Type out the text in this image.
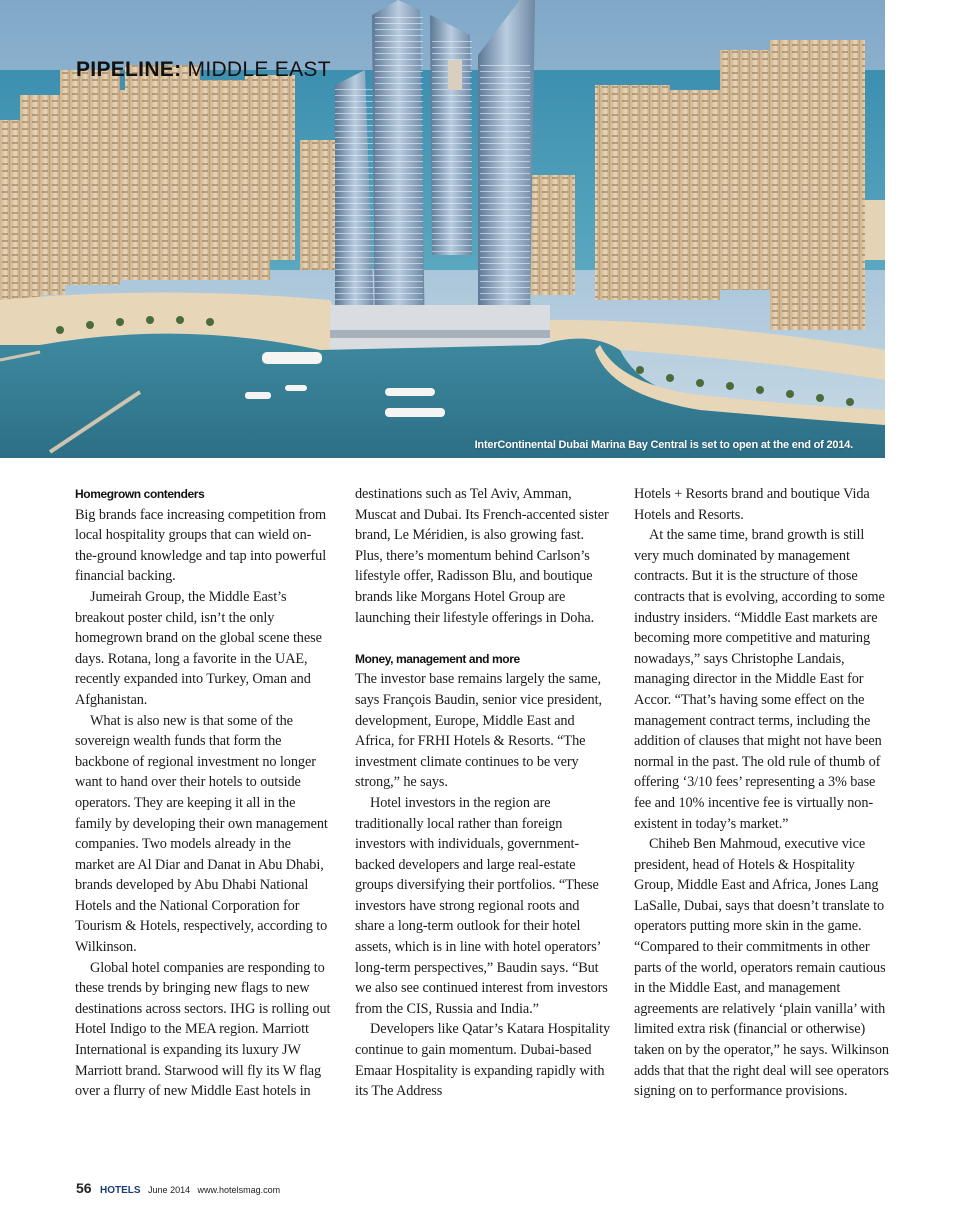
PIPELINE: MIDDLE EAST
InterContinental Dubai Marina Bay Central is set to open at the end of 2014.
Homegrown contenders

Big brands face increasing competition from local hospitality groups that can wield on-the-ground knowledge and tap into powerful financial backing.

Jumeirah Group, the Middle East’s breakout poster child, isn’t the only homegrown brand on the global scene these days. Rotana, long a favorite in the UAE, recently expanded into Turkey, Oman and Afghanistan.

What is also new is that some of the sovereign wealth funds that form the backbone of regional investment no longer want to hand over their hotels to outside operators. They are keeping it all in the family by developing their own management companies. Two models already in the market are Al Diar and Danat in Abu Dhabi, brands developed by Abu Dhabi National Hotels and the National Corporation for Tourism & Hotels, respectively, according to Wilkinson.

Global hotel companies are responding to these trends by bringing new flags to new destinations across sectors. IHG is rolling out Hotel Indigo to the MEA region. Marriott International is expanding its luxury JW Marriott brand. Starwood will fly its W flag over a flurry of new Middle East hotels in

destinations such as Tel Aviv, Amman, Muscat and Dubai. Its French-accented sister brand, Le Méridien, is also growing fast. Plus, there’s momentum behind Carlson’s lifestyle offer, Radisson Blu, and boutique brands like Morgans Hotel Group are launching their lifestyle offerings in Doha.

Money, management and more

The investor base remains largely the same, says François Baudin, senior vice president, development, Europe, Middle East and Africa, for FRHI Hotels & Resorts. “The investment climate continues to be very strong,” he says.

Hotel investors in the region are traditionally local rather than foreign investors with individuals, government-backed developers and large real-estate groups diversifying their portfolios. “These investors have strong regional roots and share a long-term outlook for their hotel assets, which is in line with hotel operators’ long-term perspectives,” Baudin says. “But we also see continued interest from investors from the CIS, Russia and India.”

Developers like Qatar’s Katara Hospitality continue to gain momentum. Dubai-based Emaar Hospitality is expanding rapidly with its The Address

Hotels + Resorts brand and boutique Vida Hotels and Resorts.

At the same time, brand growth is still very much dominated by management contracts. But it is the structure of those contracts that is evolving, according to some industry insiders. “Middle East markets are becoming more competitive and maturing nowadays,” says Christophe Landais, managing director in the Middle East for Accor. “That’s having some effect on the management contract terms, including the addition of clauses that might not have been normal in the past. The old rule of thumb of offering ‘3/10 fees’ representing a 3% base fee and 10% incentive fee is virtually non-existent in today’s market.”

Chiheb Ben Mahmoud, executive vice president, head of Hotels & Hospitality Group, Middle East and Africa, Jones Lang LaSalle, Dubai, says that doesn’t translate to operators putting more skin in the game. “Compared to their commitments in other parts of the world, operators remain cautious in the Middle East, and management agreements are relatively ‘plain vanilla’ with limited extra risk (financial or otherwise) taken on by the operator,” he says. Wilkinson adds that that the right deal will see operators signing on to performance provisions.

56 HOTELS June 2014 www.hotelsmag.com
